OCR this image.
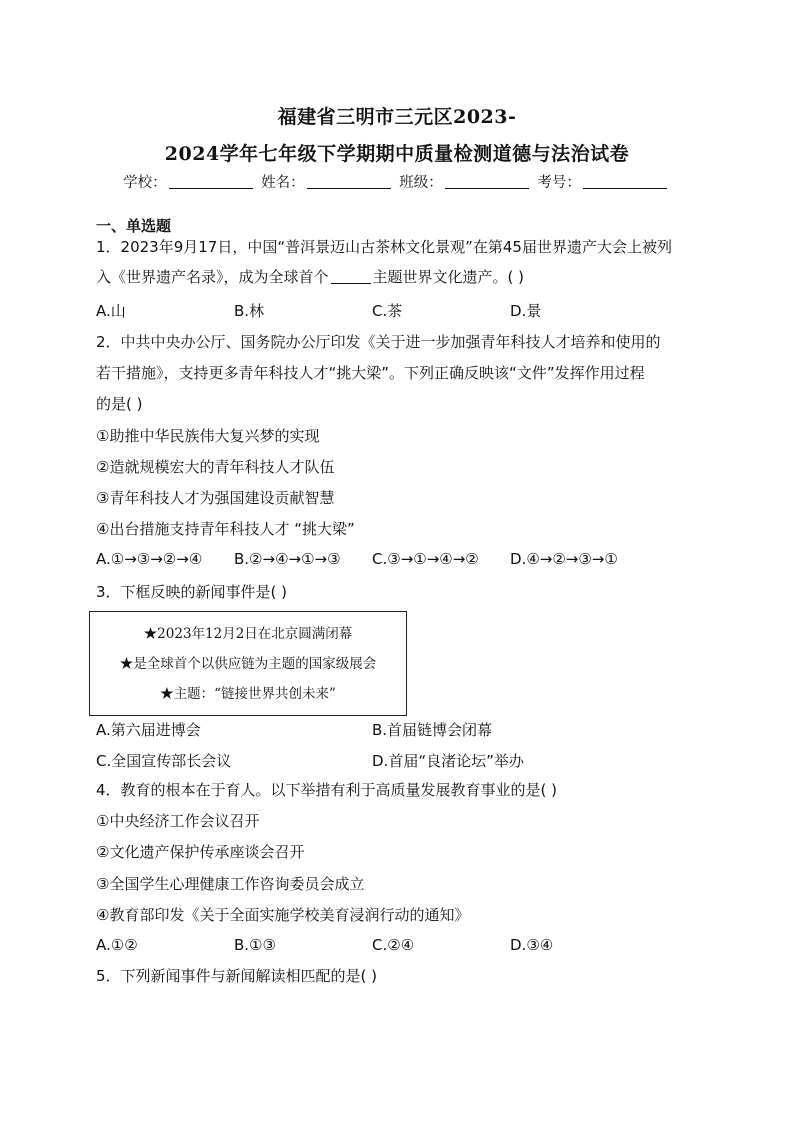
福建省三明市三元区2023-
2024学年七年级下学期期中质量检测道德与法治试卷
学校：	姓名：	班级：	考号：
一、单选题
1．2023年9月17日，中国“普洱景迈山古茶林文化景观”在第45届世界遗产大会上被列
入《世界遗产名录》，成为全球首个	主题世界文化遗产。( )
A.山	B.林	C.茶	D.景
2．中共中央办公厅、国务院办公厅印发《关于进一步加强青年科技人才培养和使用的
若干措施》，支持更多青年科技人才“挑大梁”。下列正确反映该“文件”发挥作用过程
的是( )
①助推中华民族伟大复兴梦的实现
②造就规模宏大的青年科技人才队伍
③青年科技人才为强国建设贡献智慧
④出台措施支持青年科技人才 “挑大梁”
A.①→③→②→④ B.②→④→①→③ C.③→①→④→② D.④→②→③→①
3．下框反映的新闻事件是( )
★2023年12月2日在北京圆满闭幕
★是全球首个以供应链为主题的国家级展会
★主题：“链接世界共创未来”
A.第六届进博会	B.首届链博会闭幕
C.全国宣传部长会议	D.首届“良渚论坛”举办
4．教育的根本在于育人。以下举措有利于高质量发展教育事业的是( )
①中央经济工作会议召开
②文化遗产保护传承座谈会召开
③全国学生心理健康工作咨询委员会成立
④教育部印发《关于全面实施学校美育浸润行动的通知》
A.①②	B.①③	C.②④	D.③④
5．下列新闻事件与新闻解读相匹配的是( )
